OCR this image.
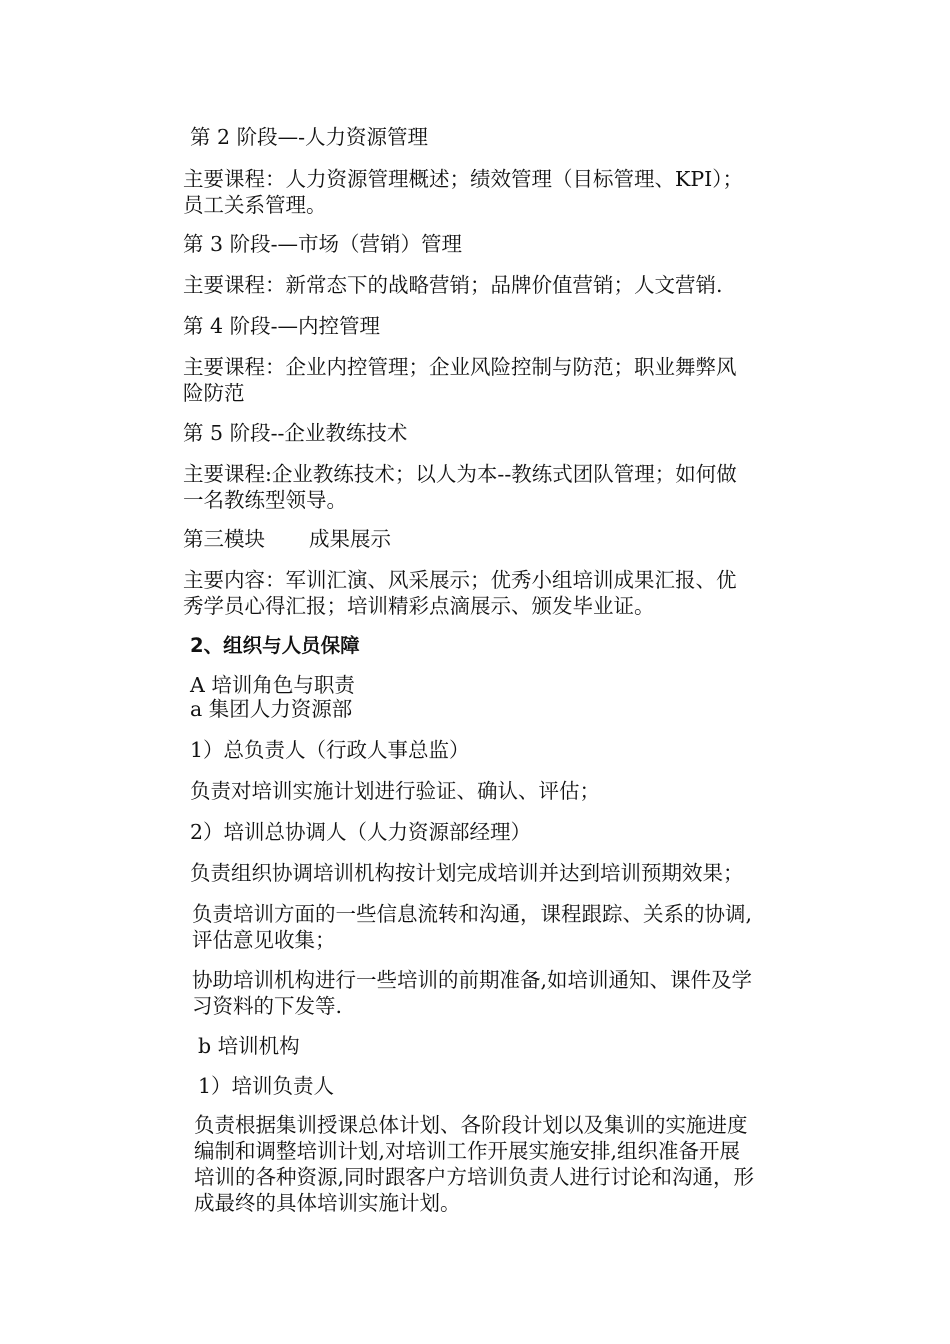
第 2 阶段—-人力资源管理

主要课程：人力资源管理概述；绩效管理（目标管理、KPI）；

员工关系管理。

第 3 阶段-—市场（营销）管理

主要课程：新常态下的战略营销；品牌价值营销；人文营销.

第 4 阶段-—内控管理

主要课程：企业内控管理；企业风险控制与防范；职业舞弊风

险防范

第 5 阶段--企业教练技术

主要课程:企业教练技术；以人为本--教练式团队管理；如何做

一名教练型领导。

第三模块 成果展示

主要内容：军训汇演、风采展示；优秀小组培训成果汇报、优

秀学员心得汇报；培训精彩点滴展示、颁发毕业证。

2、组织与人员保障

A 培训角色与职责

a 集团人力资源部

1）总负责人（行政人事总监）

负责对培训实施计划进行验证、确认、评估；

2）培训总协调人（人力资源部经理）

负责组织协调培训机构按计划完成培训并达到培训预期效果；

负责培训方面的一些信息流转和沟通，课程跟踪、关系的协调,

评估意见收集；

协助培训机构进行一些培训的前期准备,如培训通知、课件及学

习资料的下发等.

b 培训机构

1）培训负责人

负责根据集训授课总体计划、各阶段计划以及集训的实施进度

编制和调整培训计划,对培训工作开展实施安排,组织准备开展

培训的各种资源,同时跟客户方培训负责人进行讨论和沟通，形

成最终的具体培训实施计划。
